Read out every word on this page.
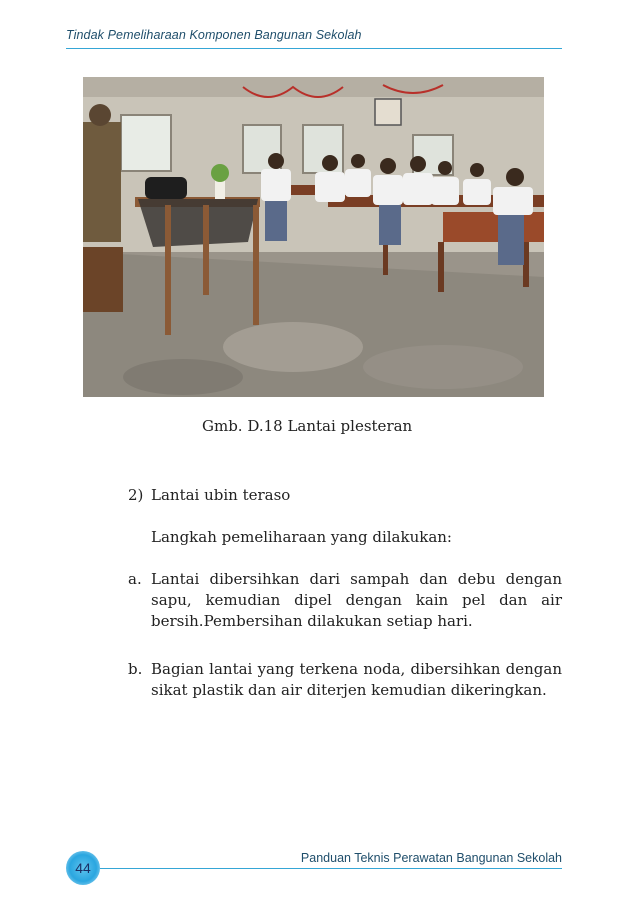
Tindak Pemeliharaan Komponen Bangunan Sekolah
Gmb. D.18 Lantai plesteran
2) Lantai ubin teraso
Langkah pemeliharaan yang dilakukan:
a. Lantai dibersihkan dari sampah dan debu dengan sapu, kemudian dipel dengan kain pel dan air bersih.Pembersihan dilakukan setiap hari.
b. Bagian lantai yang terkena noda, dibersihkan dengan sikat plastik dan air diterjen kemudian dikeringkan.
Panduan Teknis Perawatan Bangunan Sekolah
44
